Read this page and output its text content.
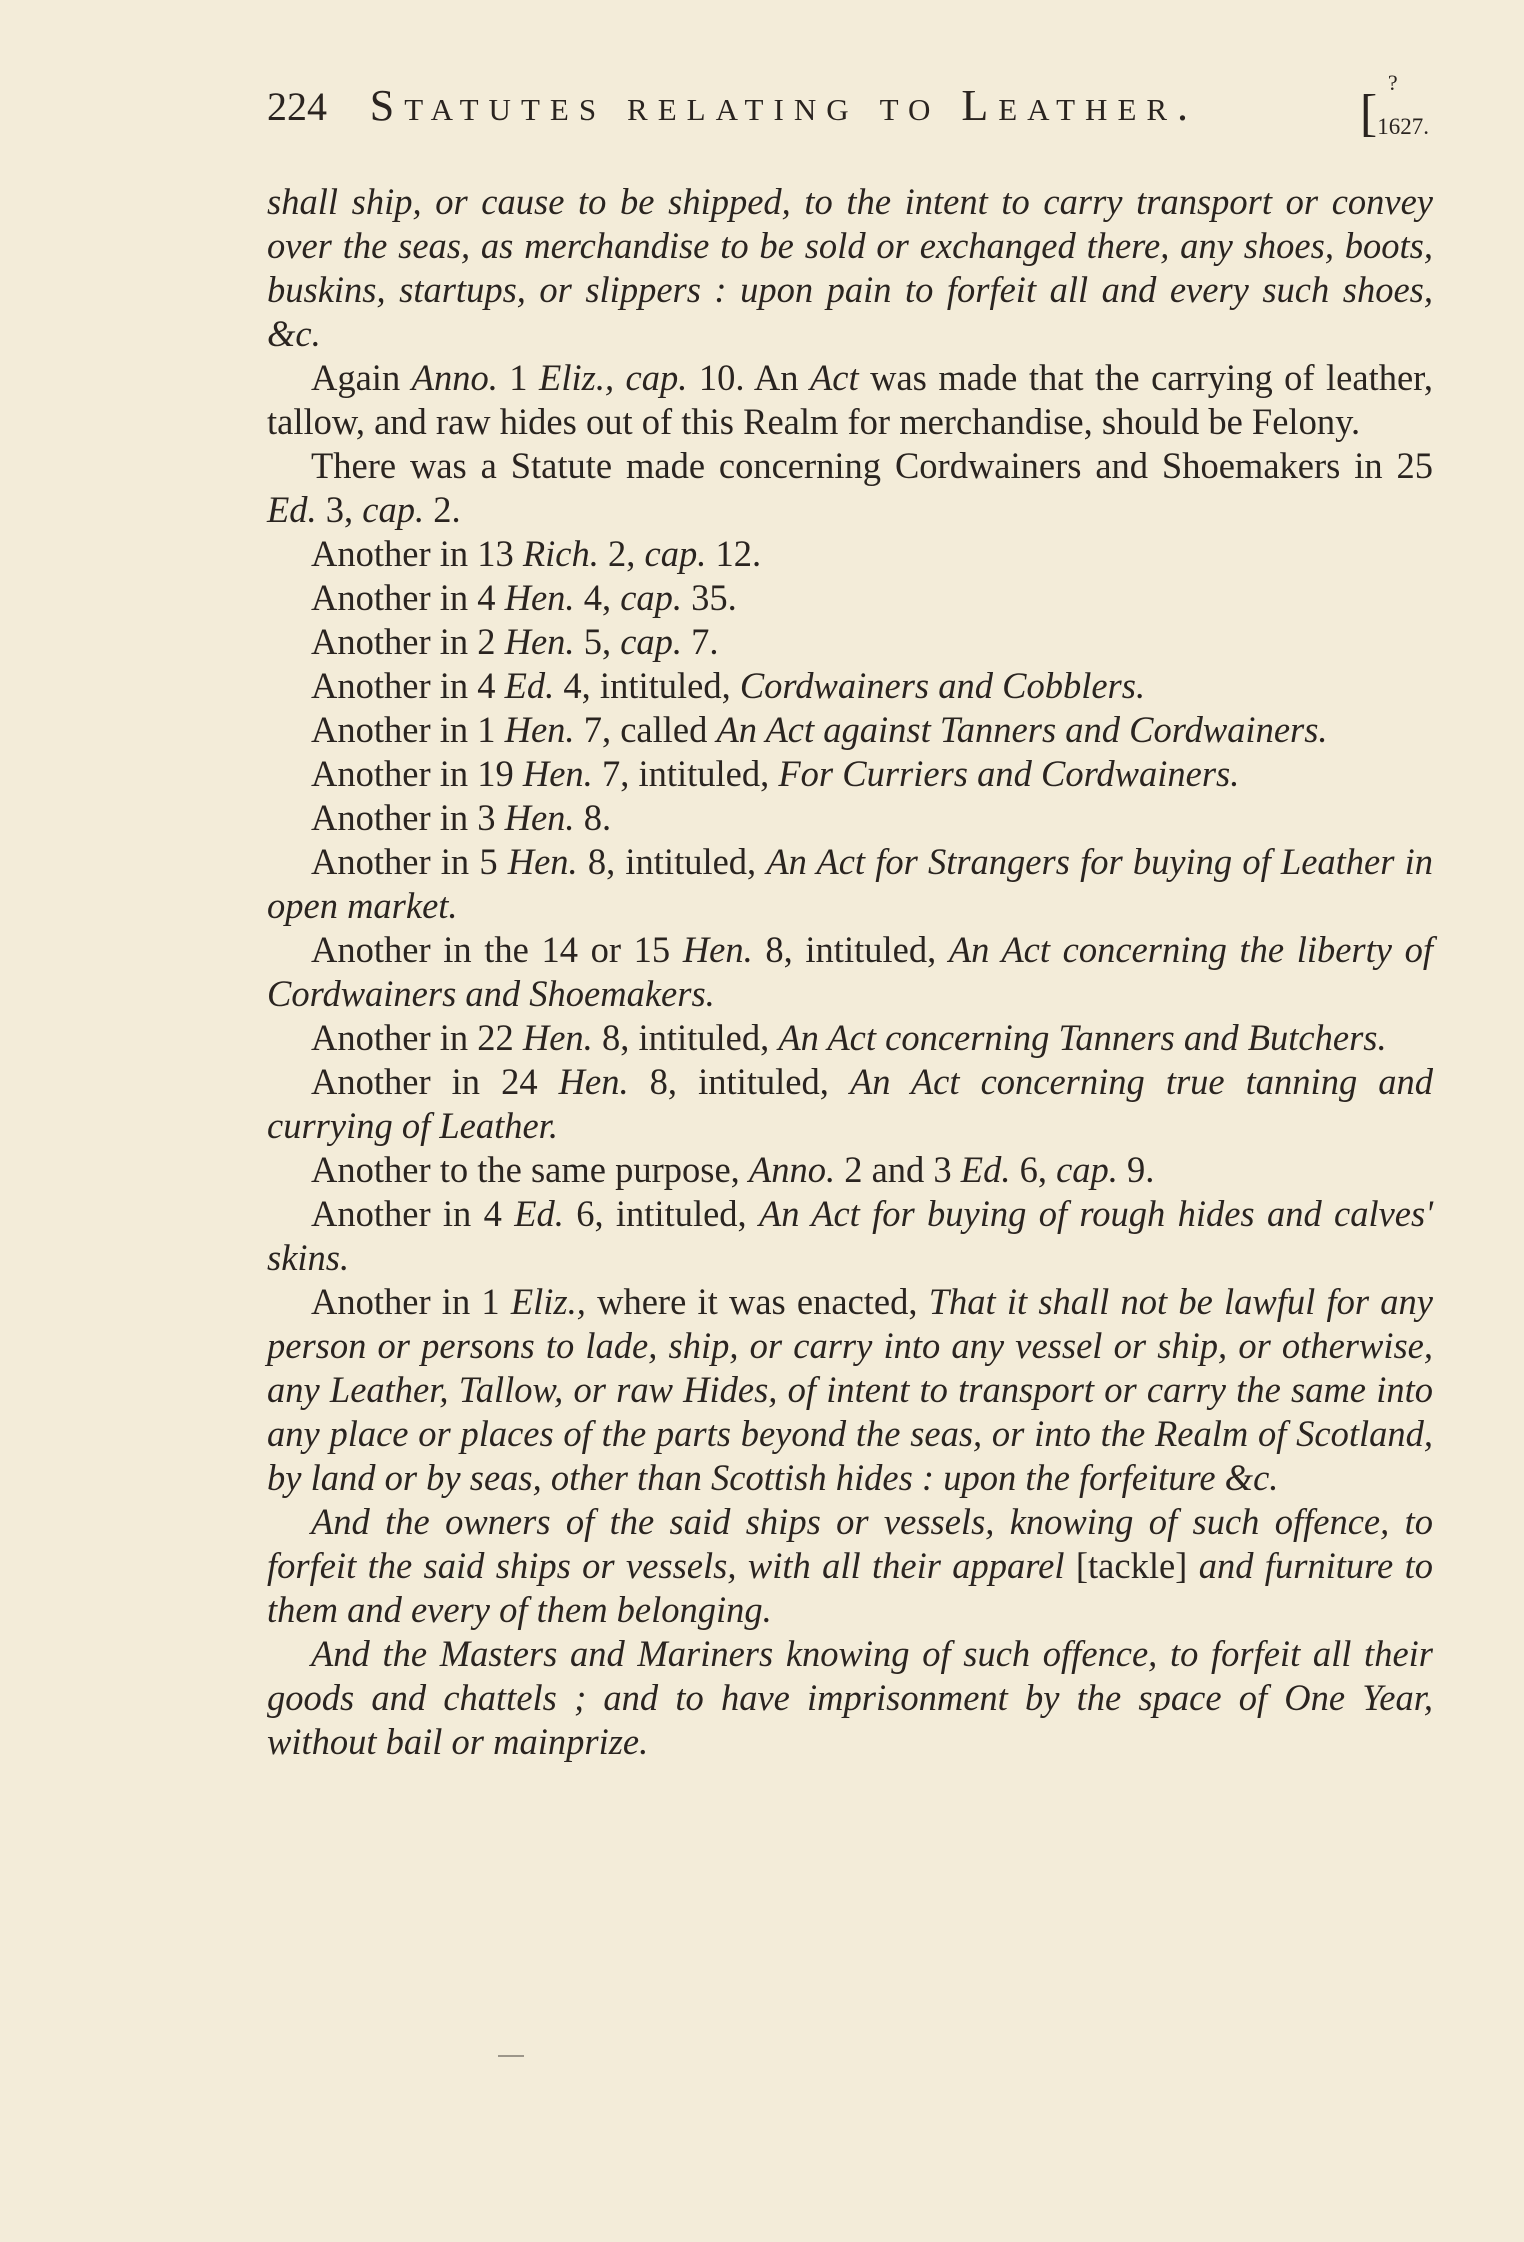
224 Statutes relating to Leather.	[
?
1627.

shall ship, or cause to be shipped, to the intent to carry transport or convey over the seas, as merchandise to be sold or exchanged there, any shoes, boots, buskins, startups, or slippers : upon pain to forfeit all and every such shoes, &c.

Again Anno. 1 Eliz., cap. 10. An Act was made that the carrying of leather, tallow, and raw hides out of this Realm for merchandise, should be Felony.

There was a Statute made concerning Cordwainers and Shoemakers in 25 Ed. 3, cap. 2.

Another in 13 Rich. 2, cap. 12.

Another in 4 Hen. 4, cap. 35.

Another in 2 Hen. 5, cap. 7.

Another in 4 Ed. 4, intituled, Cordwainers and Cobblers.

Another in 1 Hen. 7, called An Act against Tanners and Cordwainers.

Another in 19 Hen. 7, intituled, For Curriers and Cordwainers.

Another in 3 Hen. 8.

Another in 5 Hen. 8, intituled, An Act for Strangers for buying of Leather in open market.

Another in the 14 or 15 Hen. 8, intituled, An Act concerning the liberty of Cordwainers and Shoemakers.

Another in 22 Hen. 8, intituled, An Act concerning Tanners and Butchers.

Another in 24 Hen. 8, intituled, An Act concerning true tanning and currying of Leather.

Another to the same purpose, Anno. 2 and 3 Ed. 6, cap. 9.

Another in 4 Ed. 6, intituled, An Act for buying of rough hides and calves' skins.

Another in 1 Eliz., where it was enacted, That it shall not be lawful for any person or persons to lade, ship, or carry into any vessel or ship, or otherwise, any Leather, Tallow, or raw Hides, of intent to transport or carry the same into any place or places of the parts beyond the seas, or into the Realm of Scotland, by land or by seas, other than Scottish hides : upon the forfeiture &c.

And the owners of the said ships or vessels, knowing of such offence, to forfeit the said ships or vessels, with all their apparel [tackle] and furniture to them and every of them belonging.

And the Masters and Mariners knowing of such offence, to forfeit all their goods and chattels ; and to have imprisonment by the space of One Year, without bail or mainprize.
